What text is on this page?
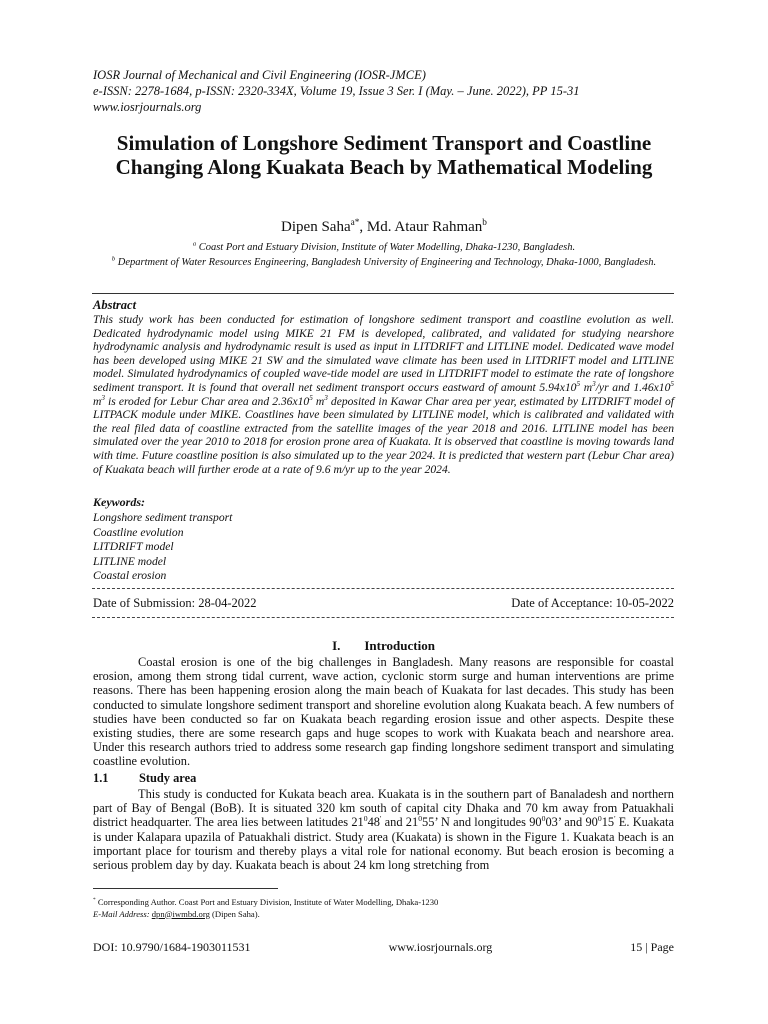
IOSR Journal of Mechanical and Civil Engineering (IOSR-JMCE)
e-ISSN: 2278-1684, p-ISSN: 2320-334X, Volume 19, Issue 3 Ser. I (May. – June. 2022), PP 15-31
www.iosrjournals.org
Simulation of Longshore Sediment Transport and Coastline Changing Along Kuakata Beach by Mathematical Modeling
Dipen Saha$^{a*}$, Md. Ataur Rahman$^b$
$^a$ Coast Port and Estuary Division, Institute of Water Modelling, Dhaka-1230, Bangladesh.
$^b$ Department of Water Resources Engineering, Bangladesh University of Engineering and Technology, Dhaka-1000, Bangladesh.
Abstract
This study work has been conducted for estimation of longshore sediment transport and coastline evolution as well. Dedicated hydrodynamic model using MIKE 21 FM is developed, calibrated, and validated for studying nearshore hydrodynamic analysis and hydrodynamic result is used as input in LITDRIFT and LITLINE model. Dedicated wave model has been developed using MIKE 21 SW and the simulated wave climate has been used in LITDRIFT model and LITLINE model. Simulated hydrodynamics of coupled wave-tide model are used in LITDRIFT model to estimate the rate of longshore sediment transport. It is found that overall net sediment transport occurs eastward of amount $5.94x10^5$ $m^3/yr$ and $1.46x10^5$ $m^3$ is eroded for Lebur Char area and $2.36x10^5$ $m^3$ deposited in Kawar Char area per year, estimated by LITDRIFT model of LITPACK module under MIKE. Coastlines have been simulated by LITLINE model, which is calibrated and validated with the real filed data of coastline extracted from the satellite images of the year 2018 and 2016. LITLINE model has been simulated over the year 2010 to 2018 for erosion prone area of Kuakata. It is observed that coastline is moving towards land with time. Future coastline position is also simulated up to the year 2024. It is predicted that western part (Lebur Char area) of Kuakata beach will further erode at a rate of 9.6 m/yr up to the year 2024.
Keywords:
Longshore sediment transport
Coastline evolution
LITDRIFT model
LITLINE model
Coastal erosion
Date of Submission: 28-04-2022	Date of Acceptance: 10-05-2022
I. Introduction
Coastal erosion is one of the big challenges in Bangladesh. Many reasons are responsible for coastal erosion, among them strong tidal current, wave action, cyclonic storm surge and human interventions are prime reasons. There has been happening erosion along the main beach of Kuakata for last decades. This study has been conducted to simulate longshore sediment transport and shoreline evolution along Kuakata beach. A few numbers of studies have been conducted so far on Kuakata beach regarding erosion issue and other aspects. Despite these existing studies, there are some research gaps and huge scopes to work with Kuakata beach and nearshore area. Under this research authors tried to address some research gap finding longshore sediment transport and simulating coastline evolution.
1.1 Study area
This study is conducted for Kukata beach area. Kuakata is in the southern part of Banaladesh and northern part of Bay of Bengal (BoB). It is situated 320 km south of capital city Dhaka and 70 km away from Patuakhali district headquarter. The area lies between latitudes $21^048'$ and $21^055$’ N and longitudes $90^003$’ and $90^015'$ E. Kuakata is under Kalapara upazila of Patuakhali district. Study area (Kuakata) is shown in the Figure 1. Kuakata beach is an important place for tourism and thereby plays a vital role for national economy. But beach erosion is becoming a serious problem day by day. Kuakata beach is about 24 km long stretching from
* Corresponding Author. Coast Port and Estuary Division, Institute of Water Modelling, Dhaka-1230
E-Mail Address: dpn@iwmbd.org (Dipen Saha).
DOI: 10.9790/1684-1903011531	www.iosrjournals.org	15 | Page
